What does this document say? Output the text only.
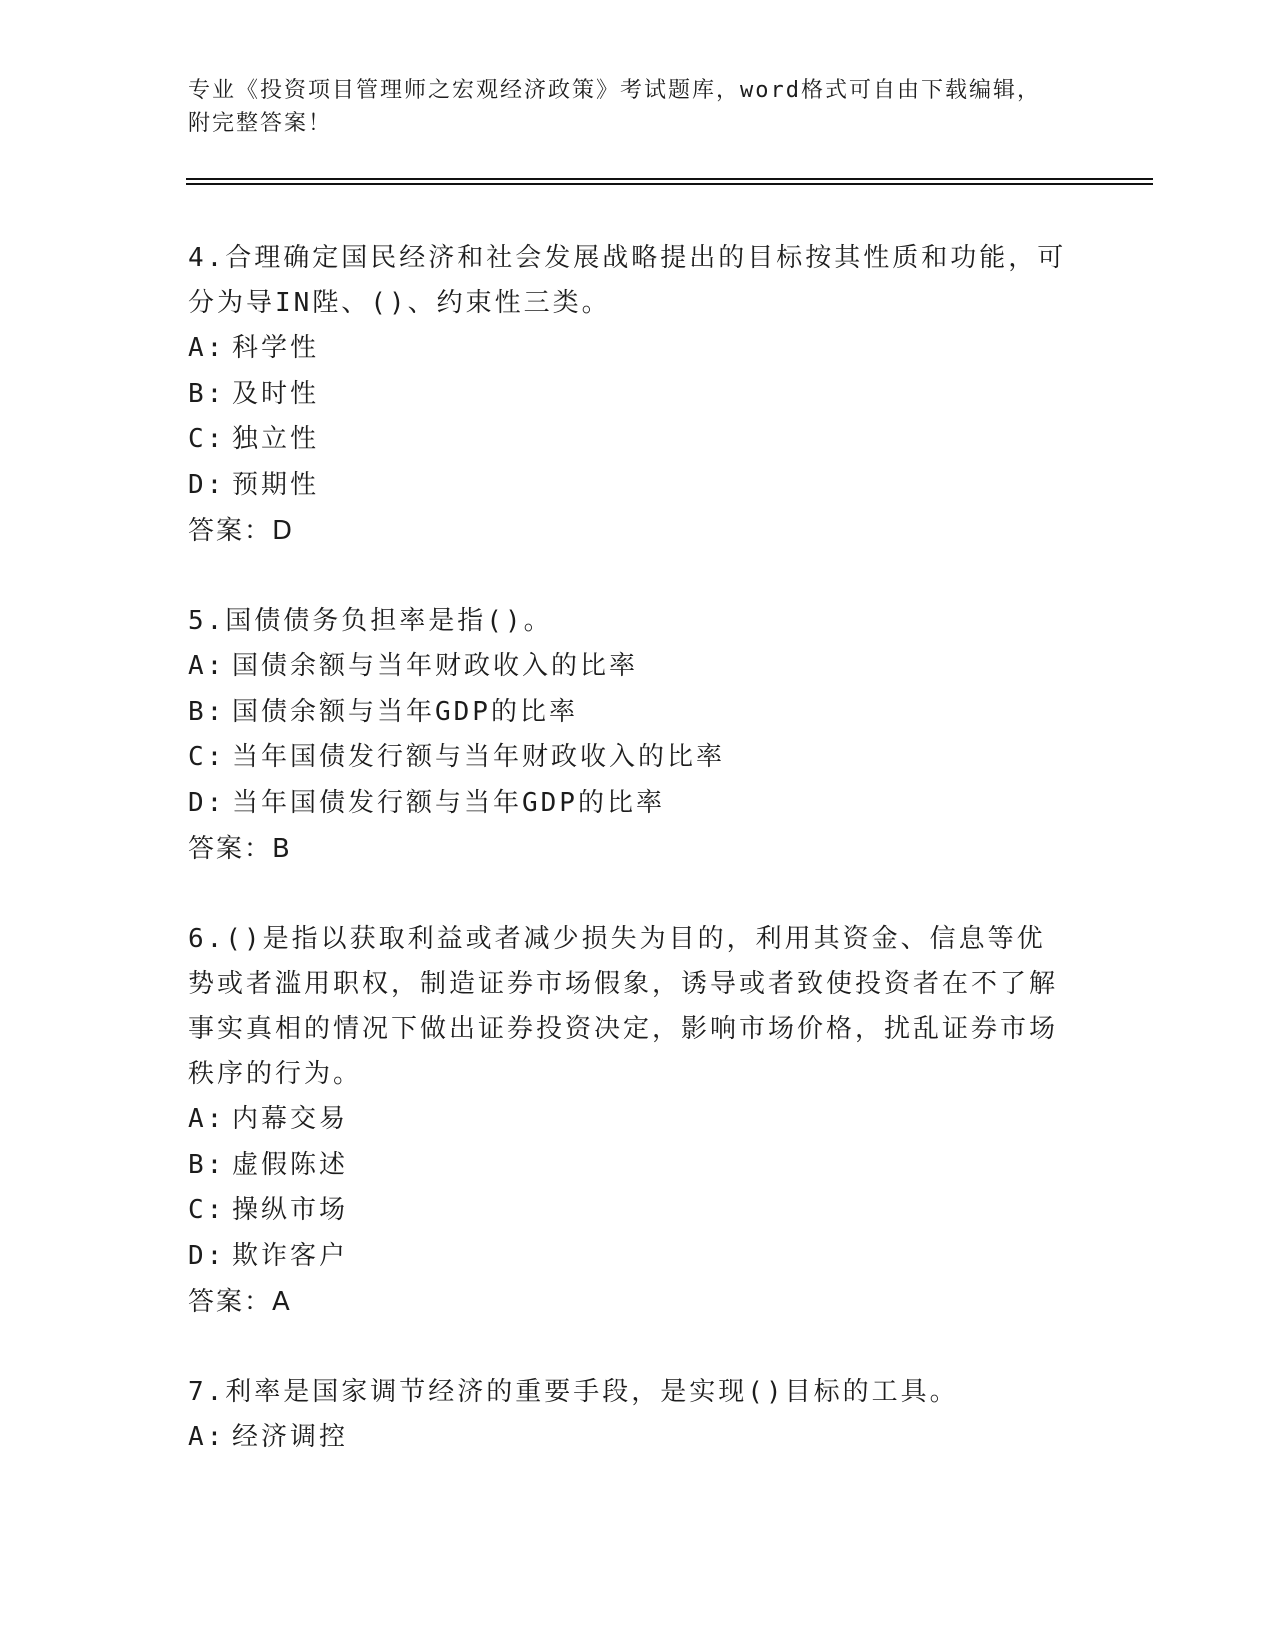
专业《投资项目管理师之宏观经济政策》考试题库，word格式可自由下载编辑，
附完整答案！
4.合理确定国民经济和社会发展战略提出的目标按其性质和功能，可分为导IN陛、()、约束性三类。
A: 科学性
B: 及时性
C: 独立性
D: 预期性
答案：D
5.国债债务负担率是指()。
A: 国债余额与当年财政收入的比率
B: 国债余额与当年GDP的比率
C: 当年国债发行额与当年财政收入的比率
D: 当年国债发行额与当年GDP的比率
答案：B
6.()是指以获取利益或者减少损失为目的，利用其资金、信息等优势或者滥用职权，制造证券市场假象，诱导或者致使投资者在不了解事实真相的情况下做出证券投资决定，影响市场价格，扰乱证券市场秩序的行为。
A: 内幕交易
B: 虚假陈述
C: 操纵市场
D: 欺诈客户
答案：A
7.利率是国家调节经济的重要手段，是实现()目标的工具。
A: 经济调控
